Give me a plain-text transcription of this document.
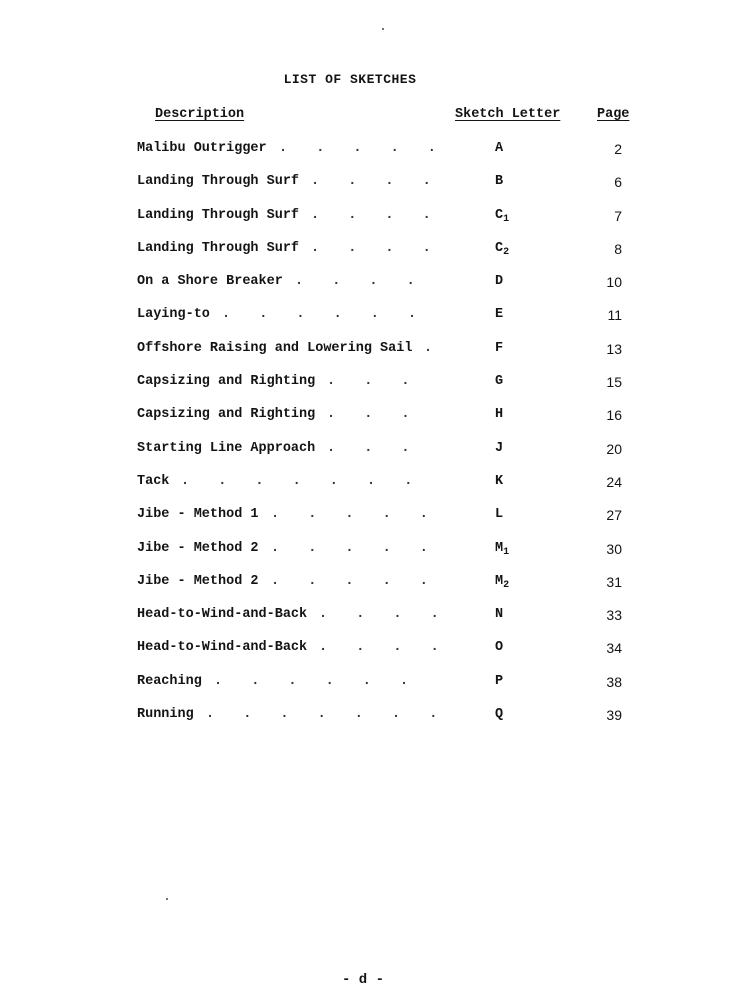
LIST OF SKETCHES
Description	Sketch Letter	Page
Malibu Outrigger .  .  .  .  .	A	2
Landing Through Surf .  .  .  .	B	6
Landing Through Surf .  .  .  .	$C_1$	7
Landing Through Surf .  .  .  .	$C_2$	8
On a Shore Breaker .  .  .  .	D	10
Laying-to .  .  .  .  .  .	E	11
Offshore Raising and Lowering Sail .	F	13
Capsizing and Righting .  .  .	G	15
Capsizing and Righting .  .  .	H	16
Starting Line Approach .  .  .	J	20
Tack .  .  .  .  .  .  .	K	24
Jibe - Method 1 .  .  .  .  .	L	27
Jibe - Method 2 .  .  .  .  .	$M_1$	30
Jibe - Method 2 .  .  .  .  .	$M_2$	31
Head-to-Wind-and-Back .  .  .  .	N	33
Head-to-Wind-and-Back .  .  .  .	O	34
Reaching .  .  .  .  .  .	P	38
Running .  .  .  .  .  .  .	Q	39
- d -
